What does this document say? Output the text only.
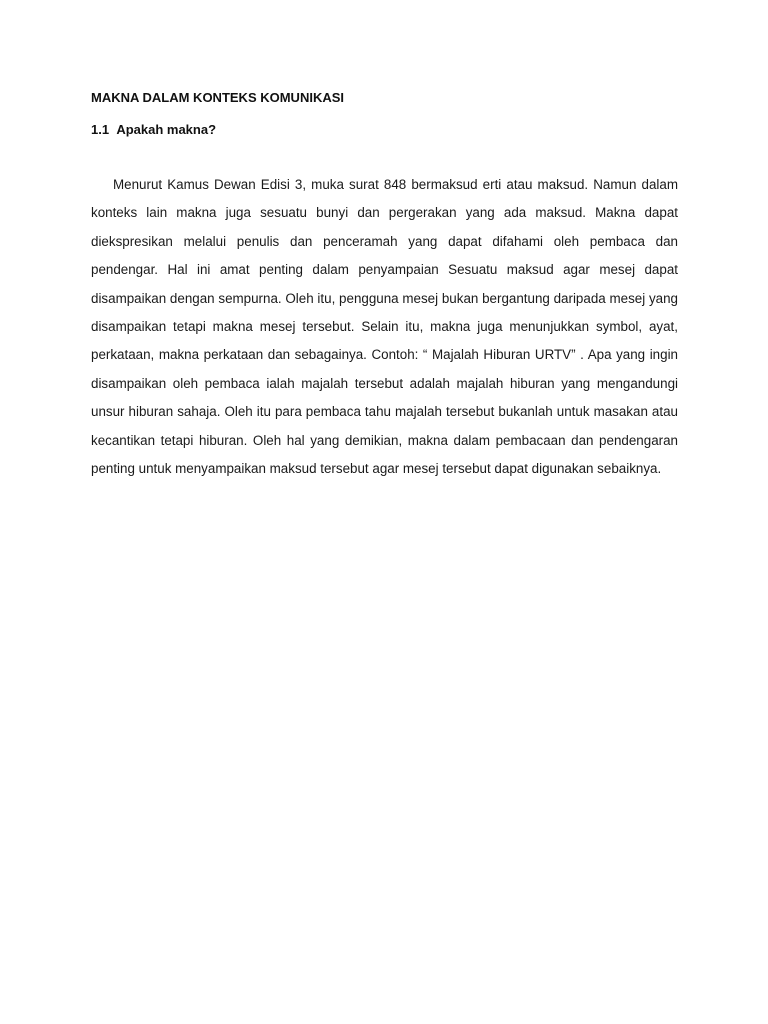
MAKNA DALAM KONTEKS KOMUNIKASI
1.1 Apakah makna?

Menurut Kamus Dewan Edisi 3, muka surat 848 bermaksud erti atau maksud. Namun dalam konteks lain makna juga sesuatu bunyi dan pergerakan yang ada maksud. Makna dapat diekspresikan melalui penulis dan penceramah yang dapat difahami oleh pembaca dan pendengar. Hal ini amat penting dalam penyampaian Sesuatu maksud agar mesej dapat disampaikan dengan sempurna. Oleh itu, pengguna mesej bukan bergantung daripada mesej yang disampaikan tetapi makna mesej tersebut. Selain itu, makna juga menunjukkan symbol, ayat, perkataan, makna perkataan dan sebagainya. Contoh: “ Majalah Hiburan URTV” . Apa yang ingin disampaikan oleh pembaca ialah majalah tersebut adalah majalah hiburan yang mengandungi unsur hiburan sahaja. Oleh itu para pembaca tahu majalah tersebut bukanlah untuk masakan atau kecantikan tetapi hiburan. Oleh hal yang demikian, makna dalam pembacaan dan pendengaran penting untuk menyampaikan maksud tersebut agar mesej tersebut dapat digunakan sebaiknya.
